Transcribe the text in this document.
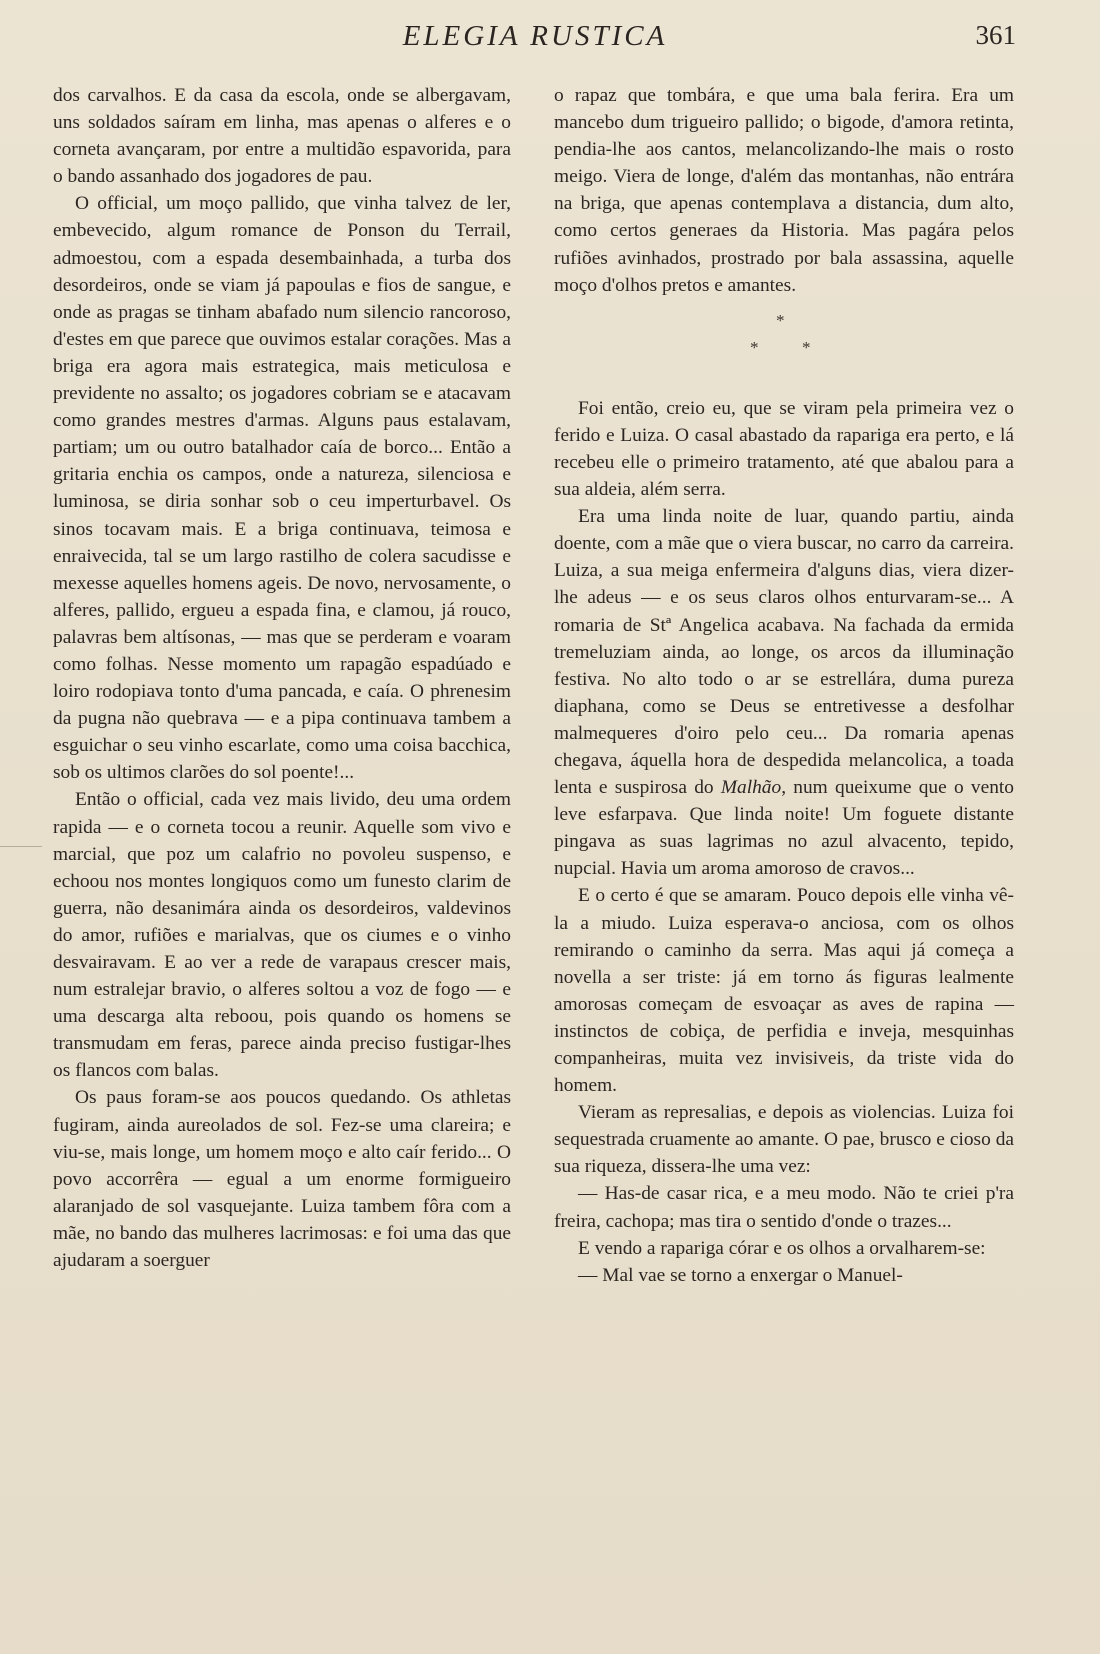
ELEGIA RUSTICA	361

dos carvalhos. E da casa da escola, onde se albergavam, uns soldados saíram em linha, mas apenas o alferes e o corneta avançaram, por entre a multidão espavorida, para o bando assanhado dos jogadores de pau.

O official, um moço pallido, que vinha talvez de ler, embevecido, algum romance de Ponson du Terrail, admoestou, com a espada desembainhada, a turba dos desordeiros, onde se viam já papoulas e fios de sangue, e onde as pragas se tinham abafado num silencio rancoroso, d'estes em que parece que ouvimos estalar corações. Mas a briga era agora mais estrategica, mais meticulosa e previdente no assalto; os jogadores cobriam se e atacavam como grandes mestres d'armas. Alguns paus estalavam, partiam; um ou outro batalhador caía de borco... Então a gritaria enchia os campos, onde a natureza, silenciosa e luminosa, se diria sonhar sob o ceu imperturbavel. Os sinos tocavam mais. E a briga continuava, teimosa e enraivecida, tal se um largo rastilho de colera sacudisse e mexesse aquelles homens ageis. De novo, nervosamente, o alferes, pallido, ergueu a espada fina, e clamou, já rouco, palavras bem altísonas, — mas que se perderam e voaram como folhas. Nesse momento um rapagão espadúado e loiro rodopiava tonto d'uma pancada, e caía. O phrenesim da pugna não quebrava — e a pipa continuava tambem a esguichar o seu vinho escarlate, como uma coisa bacchica, sob os ultimos clarões do sol poente!...

Então o official, cada vez mais livido, deu uma ordem rapida — e o corneta tocou a reunir. Aquelle som vivo e marcial, que poz um calafrio no povoleu suspenso, e echoou nos montes longiquos como um funesto clarim de guerra, não desanimára ainda os desordeiros, valdevinos do amor, rufiões e marialvas, que os ciumes e o vinho desvairavam. E ao ver a rede de varapaus crescer mais, num estralejar bravio, o alferes soltou a voz de fogo — e uma descarga alta reboou, pois quando os homens se transmudam em feras, parece ainda preciso fustigar-lhes os flancos com balas.

Os paus foram-se aos poucos quedando. Os athletas fugiram, ainda aureolados de sol. Fez-se uma clareira; e viu-se, mais longe, um homem moço e alto caír ferido... O povo accorrêra — egual a um enorme formigueiro alaranjado de sol vasquejante. Luiza tambem fôra com a mãe, no bando das mulheres lacrimosas: e foi uma das que ajudaram a soerguer

o rapaz que tombára, e que uma bala ferira. Era um mancebo dum trigueiro pallido; o bigode, d'amora retinta, pendia-lhe aos cantos, melancolizando-lhe mais o rosto meigo. Viera de longe, d'além das montanhas, não entrára na briga, que apenas contemplava a distancia, dum alto, como certos generaes da Historia. Mas pagára pelos rufiões avinhados, prostrado por bala assassina, aquelle moço d'olhos pretos e amantes.

*
*	*

Foi então, creio eu, que se viram pela primeira vez o ferido e Luiza. O casal abastado da rapariga era perto, e lá recebeu elle o primeiro tratamento, até que abalou para a sua aldeia, além serra.

Era uma linda noite de luar, quando partiu, ainda doente, com a mãe que o viera buscar, no carro da carreira. Luiza, a sua meiga enfermeira d'alguns dias, viera dizer-lhe adeus — e os seus claros olhos enturvaram-se... A romaria de Stª Angelica acabava. Na fachada da ermida tremeluziam ainda, ao longe, os arcos da illuminação festiva. No alto todo o ar se estrellára, duma pureza diaphana, como se Deus se entretivesse a desfolhar malmequeres d'oiro pelo ceu... Da romaria apenas chegava, áquella hora de despedida melancolica, a toada lenta e suspirosa do Malhão, num queixume que o vento leve esfarpava. Que linda noite! Um foguete distante pingava as suas lagrimas no azul alvacento, tepido, nupcial. Havia um aroma amoroso de cravos...

E o certo é que se amaram. Pouco depois elle vinha vê-la a miudo. Luiza esperava-o anciosa, com os olhos remirando o caminho da serra. Mas aqui já começa a novella a ser triste: já em torno ás figuras lealmente amorosas começam de esvoaçar as aves de rapina — instinctos de cobiça, de perfidia e inveja, mesquinhas companheiras, muita vez invisiveis, da triste vida do homem.

Vieram as represalias, e depois as violencias. Luiza foi sequestrada cruamente ao amante. O pae, brusco e cioso da sua riqueza, dissera-lhe uma vez:

— Has-de casar rica, e a meu modo. Não te criei p'ra freira, cachopa; mas tira o sentido d'onde o trazes...

E vendo a rapariga córar e os olhos a orvalharem-se:

— Mal vae se torno a enxergar o Manuel-
